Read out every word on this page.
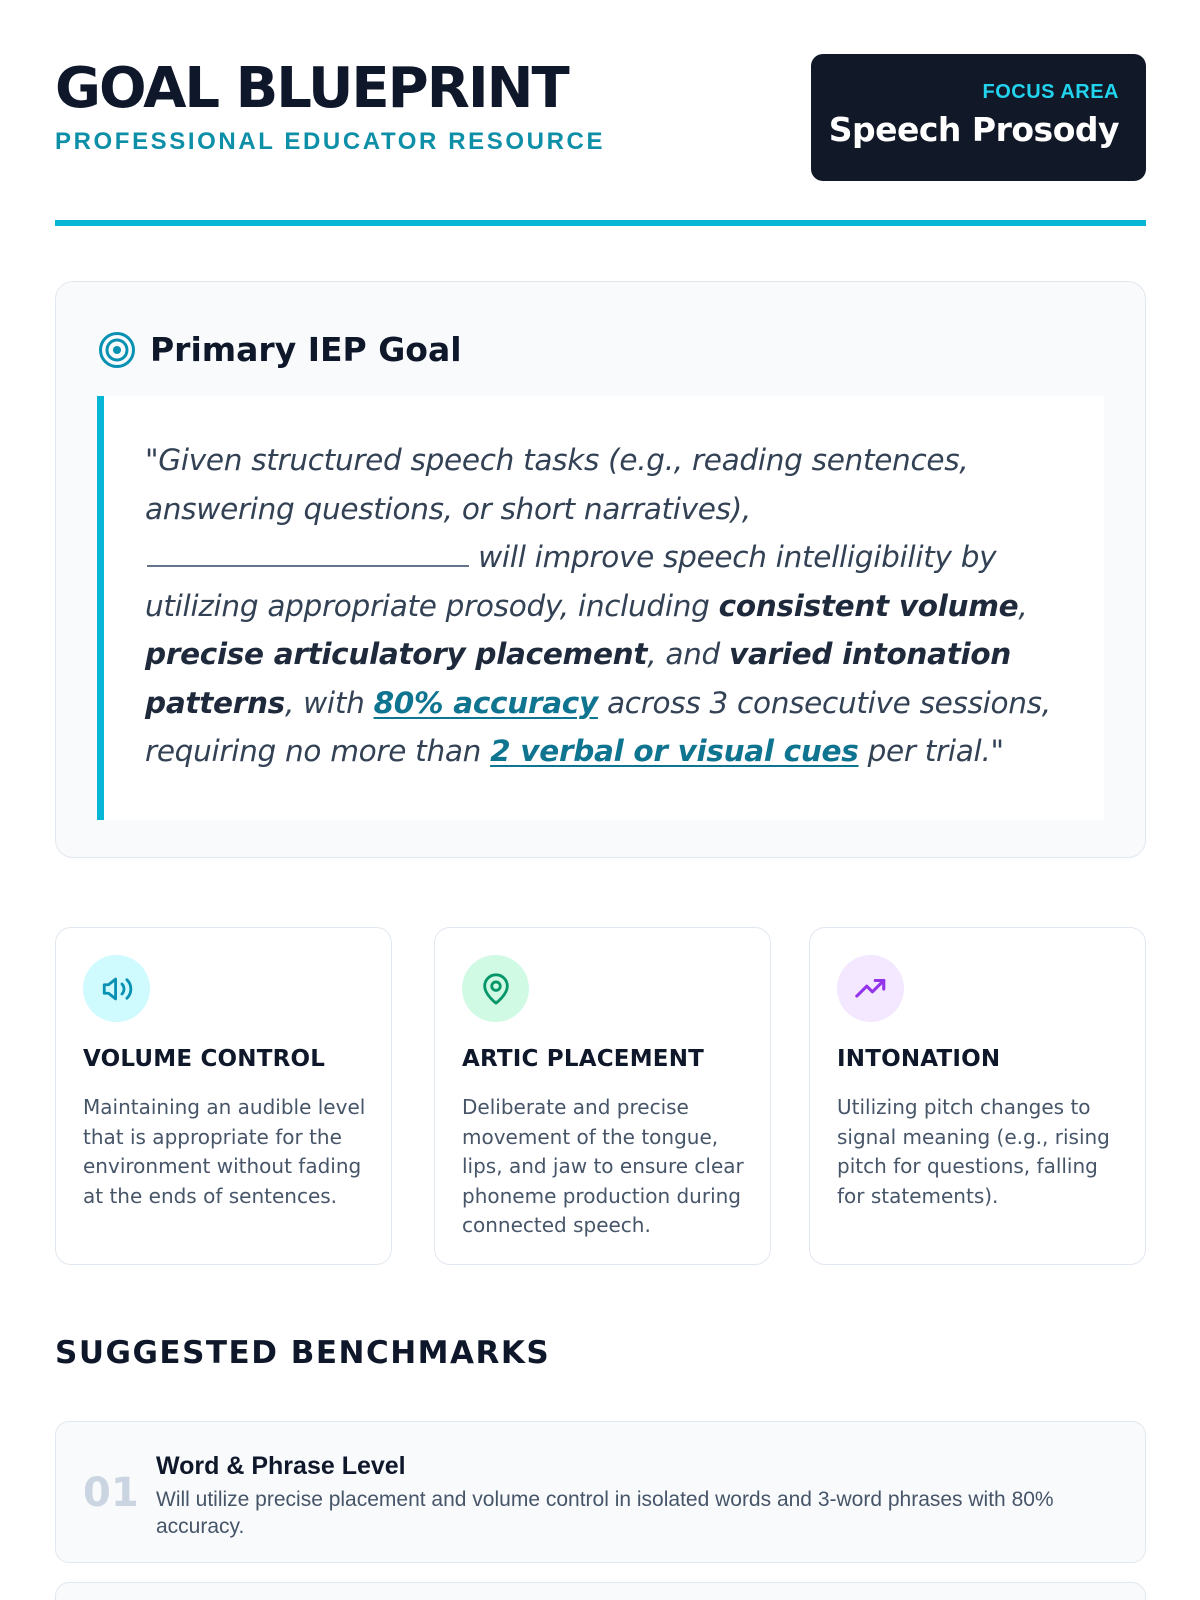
GOAL BLUEPRINT
PROFESSIONAL EDUCATOR RESOURCE
FOCUS AREA
Speech Prosody
Primary IEP Goal
"Given structured speech tasks (e.g., reading sentences, answering questions, or short narratives),  will improve speech intelligibility by utilizing appropriate prosody, including consistent volume, precise articulatory placement, and varied intonation patterns, with 80% accuracy across 3 consecutive sessions, requiring no more than 2 verbal or visual cues per trial."
VOLUME CONTROL
Maintaining an audible level that is appropriate for the environment without fading at the ends of sentences.
ARTIC PLACEMENT
Deliberate and precise movement of the tongue, lips, and jaw to ensure clear phoneme production during connected speech.
INTONATION
Utilizing pitch changes to signal meaning (e.g., rising pitch for questions, falling for statements).
SUGGESTED BENCHMARKS
01
Word & Phrase Level
Will utilize precise placement and volume control in isolated words and 3-word phrases with 80% accuracy.
